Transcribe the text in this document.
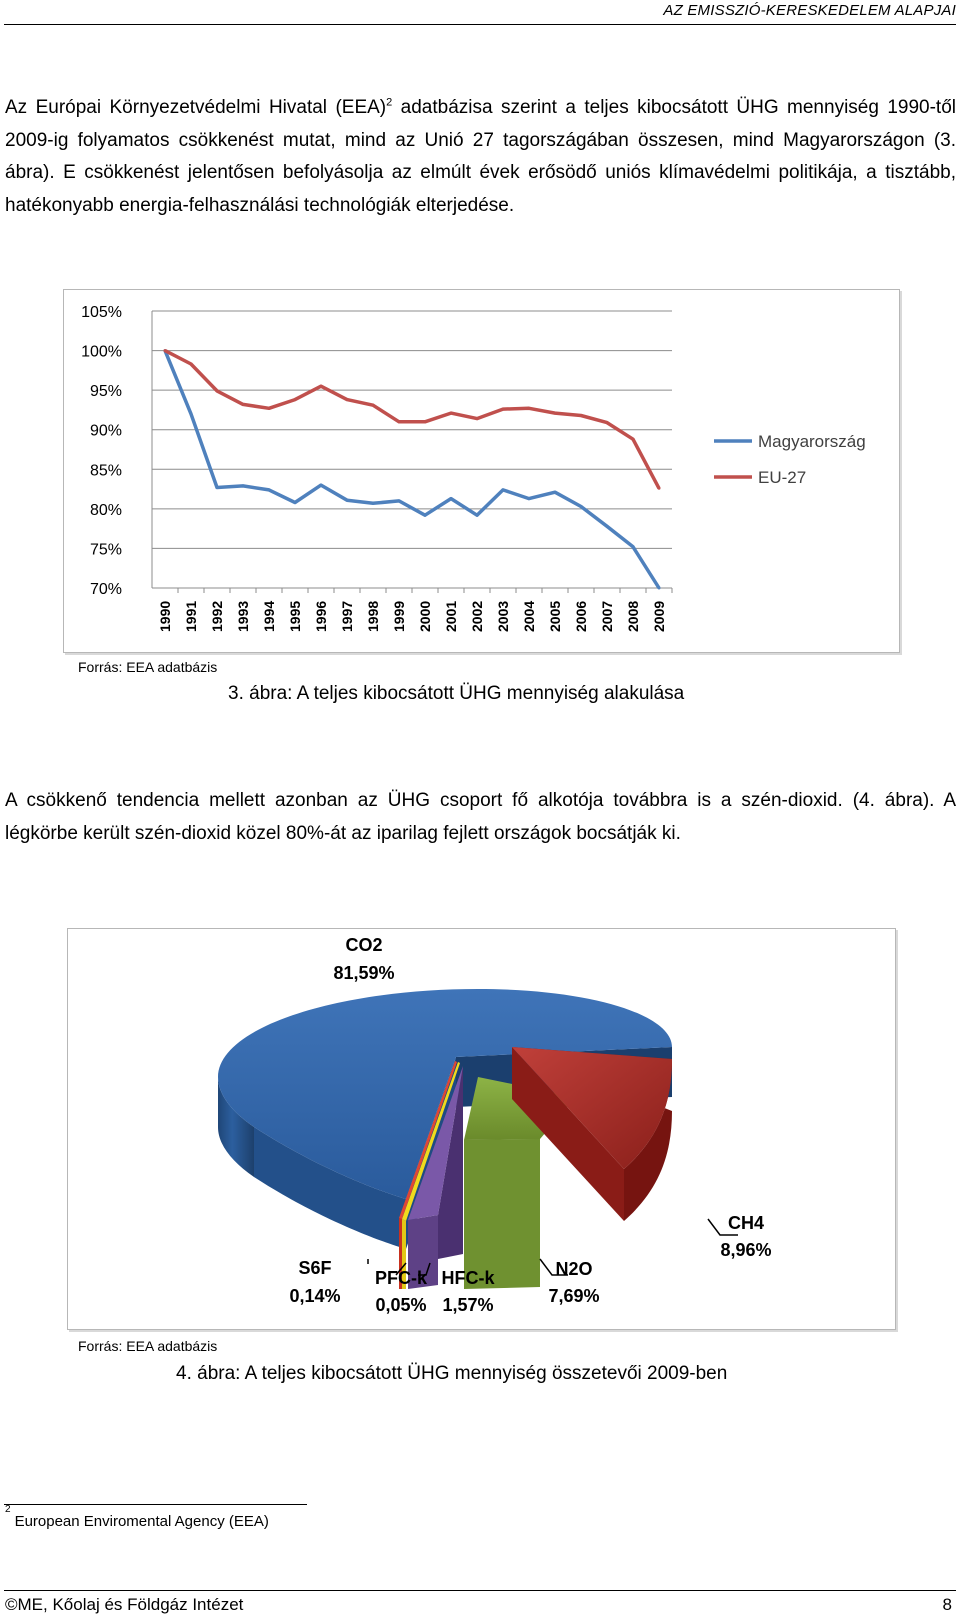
AZ EMISSZIÓ-KERESKEDELEM ALAPJAI

Az Európai Környezetvédelmi Hivatal (EEA)$^2$ adatbázisa szerint a teljes kibocsátott ÜHG mennyiség 1990-től 2009-ig folyamatos csökkenést mutat, mind az Unió 27 tagországában összesen, mind Magyarországon (3. ábra). E csökkenést jelentősen befolyásolja az elmúlt évek erősödő uniós klímavédelmi politikája, a tisztább, hatékonyabb energia-felhasználási technológiák elterjedése.

70%
75%
80%
85%
90%
95%
100%
105%
1990 1991 1992 1993 1994 1995 1996 1997 1998 1999 2000 2001 2002 2003 2004 2005 2006 2007 2008 2009
Magyarország
EU-27
Forrás: EEA adatbázis
3. ábra: A teljes kibocsátott ÜHG mennyiség alakulása

A csökkenő tendencia mellett azonban az ÜHG csoport fő alkotója továbbra is a szén-dioxid. (4. ábra). A légkörbe került szén-dioxid közel 80%-át az iparilag fejlett országok bocsátják ki.

CO2
81,59%
CH4
8,96%
N2O
7,69%
HFC-k
1,57%
PFC-k
0,05%
S6F
0,14%
Forrás: EEA adatbázis
4. ábra: A teljes kibocsátott ÜHG mennyiség összetevői 2009-ben
$^2$European Enviromental Agency (EEA)
©ME, Kőolaj és Földgáz Intézet	8
